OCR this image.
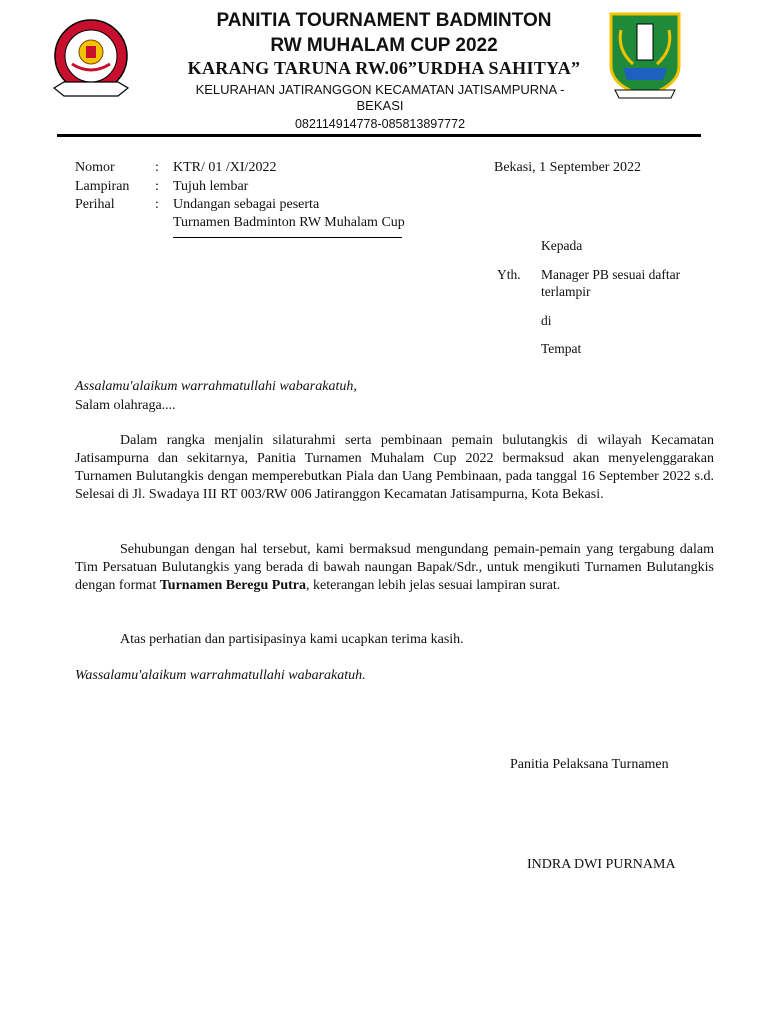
PANITIA TOURNAMENT BADMINTON
RW MUHALAM CUP 2022
KARANG TARUNA RW.06”URDHA SAHITYA”
KELURAHAN JATIRANGGON KECAMATAN JATISAMPURNA -
BEKASI
082114914778-085813897772
Nomor	: KTR/ 01 /XI/2022
Lampiran : Tujuh lembar
Perihal	: Undangan sebagai peserta
Turnamen Badminton RW Muhalam Cup
Bekasi, 1 September 2022
Kepada
Yth. Manager PB sesuai daftar
terlampir
di
Tempat
Assalamu'alaikum warrahmatullahi wabarakatuh,
Salam olahraga....
Dalam rangka menjalin silaturahmi serta pembinaan pemain bulutangkis di wilayah Kecamatan Jatisampurna dan sekitarnya, Panitia Turnamen Muhalam Cup 2022 bermaksud akan menyelenggarakan Turnamen Bulutangkis dengan memperebutkan Piala dan Uang Pembinaan, pada tanggal 16 September 2022 s.d. Selesai di Jl. Swadaya III RT 003/RW 006 Jatiranggon Kecamatan Jatisampurna, Kota Bekasi.
Sehubungan dengan hal tersebut, kami bermaksud mengundang pemain-pemain yang tergabung dalam Tim Persatuan Bulutangkis yang berada di bawah naungan Bapak/Sdr., untuk mengikuti Turnamen Bulutangkis dengan format Turnamen Beregu Putra, keterangan lebih jelas sesuai lampiran surat.
Atas perhatian dan partisipasinya kami ucapkan terima kasih.
Wassalamu'alaikum warrahmatullahi wabarakatuh.
Panitia Pelaksana Turnamen
INDRA DWI PURNAMA
